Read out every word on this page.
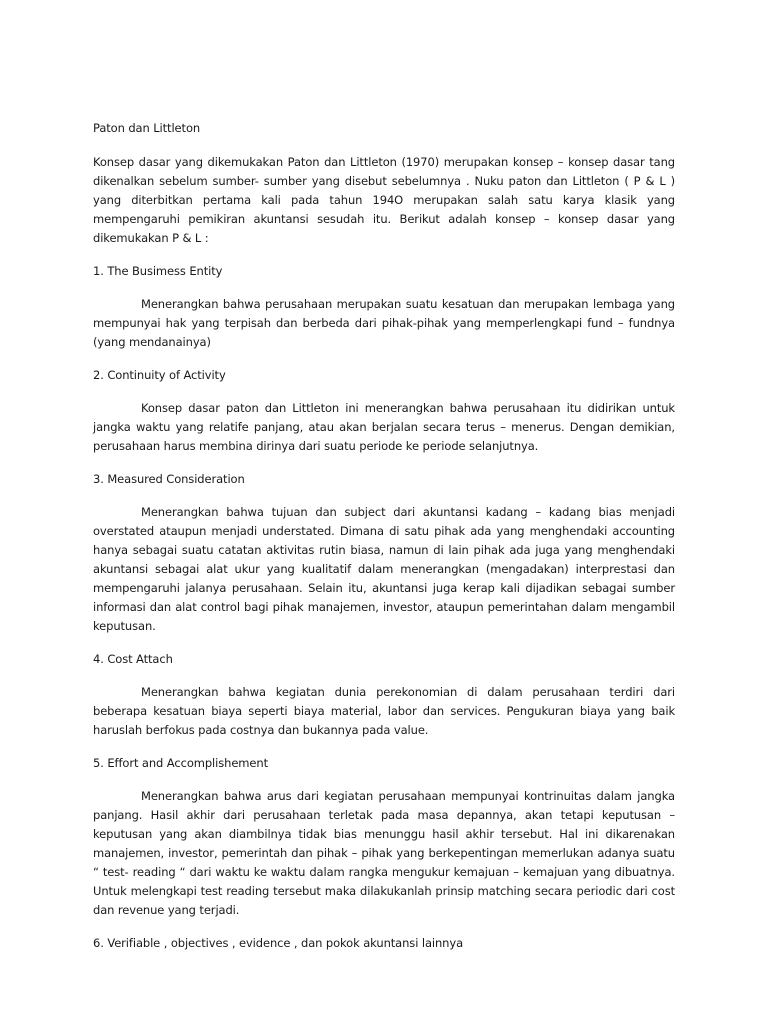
Paton dan Littleton

Konsep dasar yang dikemukakan Paton dan Littleton (1970) merupakan konsep – konsep dasar tang dikenalkan sebelum sumber- sumber yang disebut sebelumnya . Nuku paton dan Littleton ( P & L ) yang diterbitkan pertama kali pada tahun 194O merupakan salah satu karya klasik yang mempengaruhi pemikiran akuntansi sesudah itu. Berikut adalah konsep – konsep dasar yang dikemukakan P & L :

1. The Busimess Entity

Menerangkan bahwa perusahaan merupakan suatu kesatuan dan merupakan lembaga yang mempunyai hak yang terpisah dan berbeda dari pihak-pihak yang memperlengkapi fund – fundnya (yang mendanainya)

2. Continuity of Activity

Konsep dasar paton dan Littleton ini menerangkan bahwa perusahaan itu didirikan untuk jangka waktu yang relatife panjang, atau akan berjalan secara terus – menerus. Dengan demikian, perusahaan harus membina dirinya dari suatu periode ke periode selanjutnya.

3. Measured Consideration

Menerangkan bahwa tujuan dan subject dari akuntansi kadang – kadang bias menjadi overstated ataupun menjadi understated. Dimana di satu pihak ada yang menghendaki accounting hanya sebagai suatu catatan aktivitas rutin biasa, namun di lain pihak ada juga yang menghendaki akuntansi sebagai alat ukur yang kualitatif dalam menerangkan (mengadakan) interprestasi dan mempengaruhi jalanya perusahaan. Selain itu, akuntansi juga kerap kali dijadikan sebagai sumber informasi dan alat control bagi pihak manajemen, investor, ataupun pemerintahan dalam mengambil keputusan.

4. Cost Attach

Menerangkan bahwa kegiatan dunia perekonomian di dalam perusahaan terdiri dari beberapa kesatuan biaya seperti biaya material, labor dan services. Pengukuran biaya yang baik haruslah berfokus pada costnya dan bukannya pada value.

5. Effort and Accomplishement

Menerangkan bahwa arus dari kegiatan perusahaan mempunyai kontrinuitas dalam jangka panjang. Hasil akhir dari perusahaan terletak pada masa depannya, akan tetapi keputusan – keputusan yang akan diambilnya tidak bias menunggu hasil akhir tersebut. Hal ini dikarenakan manajemen, investor, pemerintah dan pihak – pihak yang berkepentingan memerlukan adanya suatu “ test- reading “ dari waktu ke waktu dalam rangka mengukur kemajuan – kemajuan yang dibuatnya. Untuk melengkapi test reading tersebut maka dilakukanlah prinsip matching secara periodic dari cost dan revenue yang terjadi.

6. Verifiable , objectives , evidence , dan pokok akuntansi lainnya
